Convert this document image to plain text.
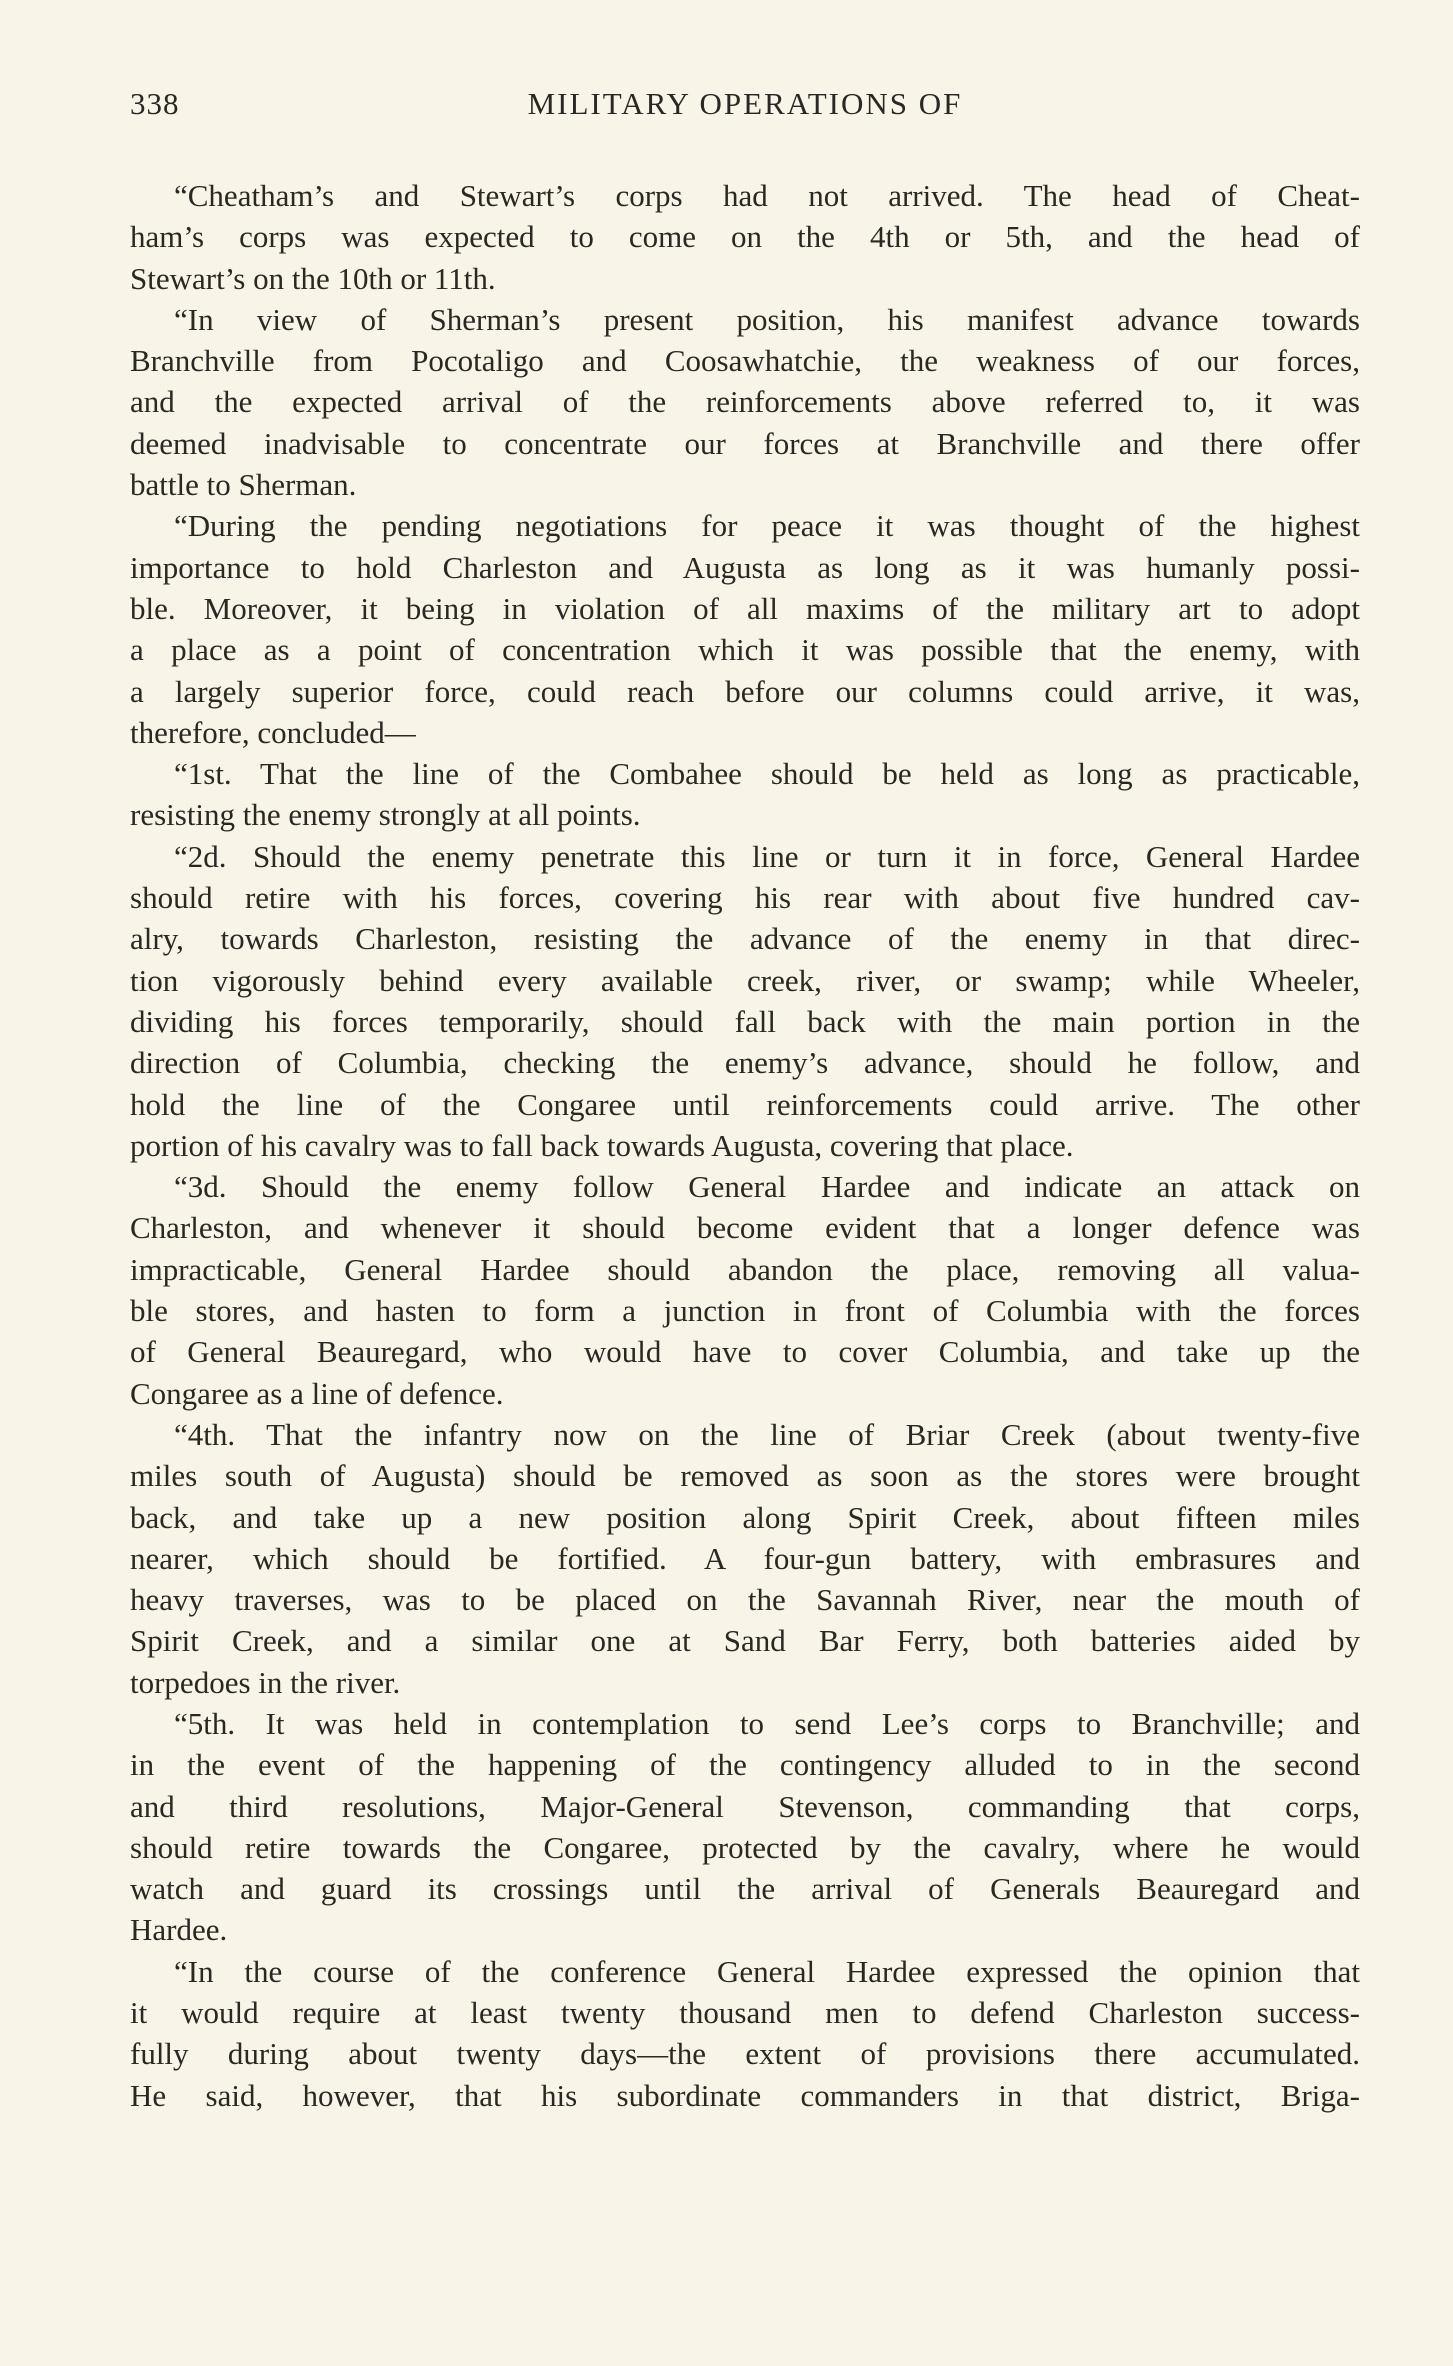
338	MILITARY OPERATIONS OF
“Cheatham’s and Stewart’s corps had not arrived. The head of Cheat-
ham’s corps was expected to come on the 4th or 5th, and the head of
Stewart’s on the 10th or 11th.
“In view of Sherman’s present position, his manifest advance towards
Branchville from Pocotaligo and Coosawhatchie, the weakness of our forces,
and the expected arrival of the reinforcements above referred to, it was
deemed inadvisable to concentrate our forces at Branchville and there offer
battle to Sherman.
“During the pending negotiations for peace it was thought of the highest
importance to hold Charleston and Augusta as long as it was humanly possi-
ble. Moreover, it being in violation of all maxims of the military art to adopt
a place as a point of concentration which it was possible that the enemy, with
a largely superior force, could reach before our columns could arrive, it was,
therefore, concluded—
“1st. That the line of the Combahee should be held as long as practicable,
resisting the enemy strongly at all points.
“2d. Should the enemy penetrate this line or turn it in force, General Hardee
should retire with his forces, covering his rear with about five hundred cav-
alry, towards Charleston, resisting the advance of the enemy in that direc-
tion vigorously behind every available creek, river, or swamp; while Wheeler,
dividing his forces temporarily, should fall back with the main portion in the
direction of Columbia, checking the enemy’s advance, should he follow, and
hold the line of the Congaree until reinforcements could arrive. The other
portion of his cavalry was to fall back towards Augusta, covering that place.
“3d. Should the enemy follow General Hardee and indicate an attack on
Charleston, and whenever it should become evident that a longer defence was
impracticable, General Hardee should abandon the place, removing all valua-
ble stores, and hasten to form a junction in front of Columbia with the forces
of General Beauregard, who would have to cover Columbia, and take up the
Congaree as a line of defence.
“4th. That the infantry now on the line of Briar Creek (about twenty-five
miles south of Augusta) should be removed as soon as the stores were brought
back, and take up a new position along Spirit Creek, about fifteen miles
nearer, which should be fortified. A four-gun battery, with embrasures and
heavy traverses, was to be placed on the Savannah River, near the mouth of
Spirit Creek, and a similar one at Sand Bar Ferry, both batteries aided by
torpedoes in the river.
“5th. It was held in contemplation to send Lee’s corps to Branchville; and
in the event of the happening of the contingency alluded to in the second
and third resolutions, Major-General Stevenson, commanding that corps,
should retire towards the Congaree, protected by the cavalry, where he would
watch and guard its crossings until the arrival of Generals Beauregard and
Hardee.
“In the course of the conference General Hardee expressed the opinion that
it would require at least twenty thousand men to defend Charleston success-
fully during about twenty days—the extent of provisions there accumulated.
He said, however, that his subordinate commanders in that district, Briga-
